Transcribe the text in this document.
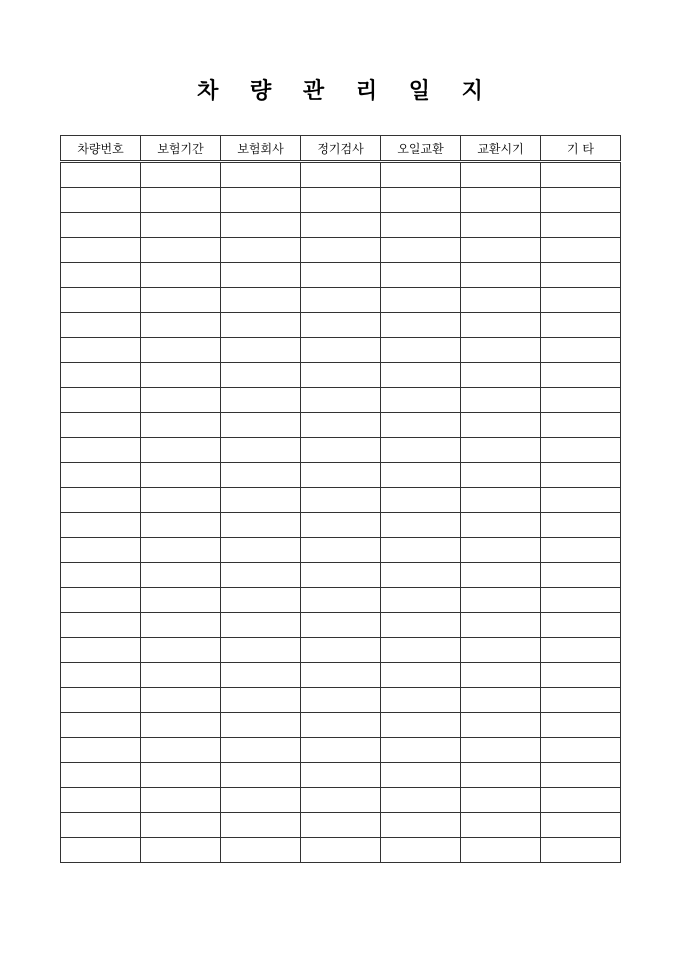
차 량 관 리 일 지
차량번호	보험기간	보험회사	정기검사	오일교환	교환시기	기 타
